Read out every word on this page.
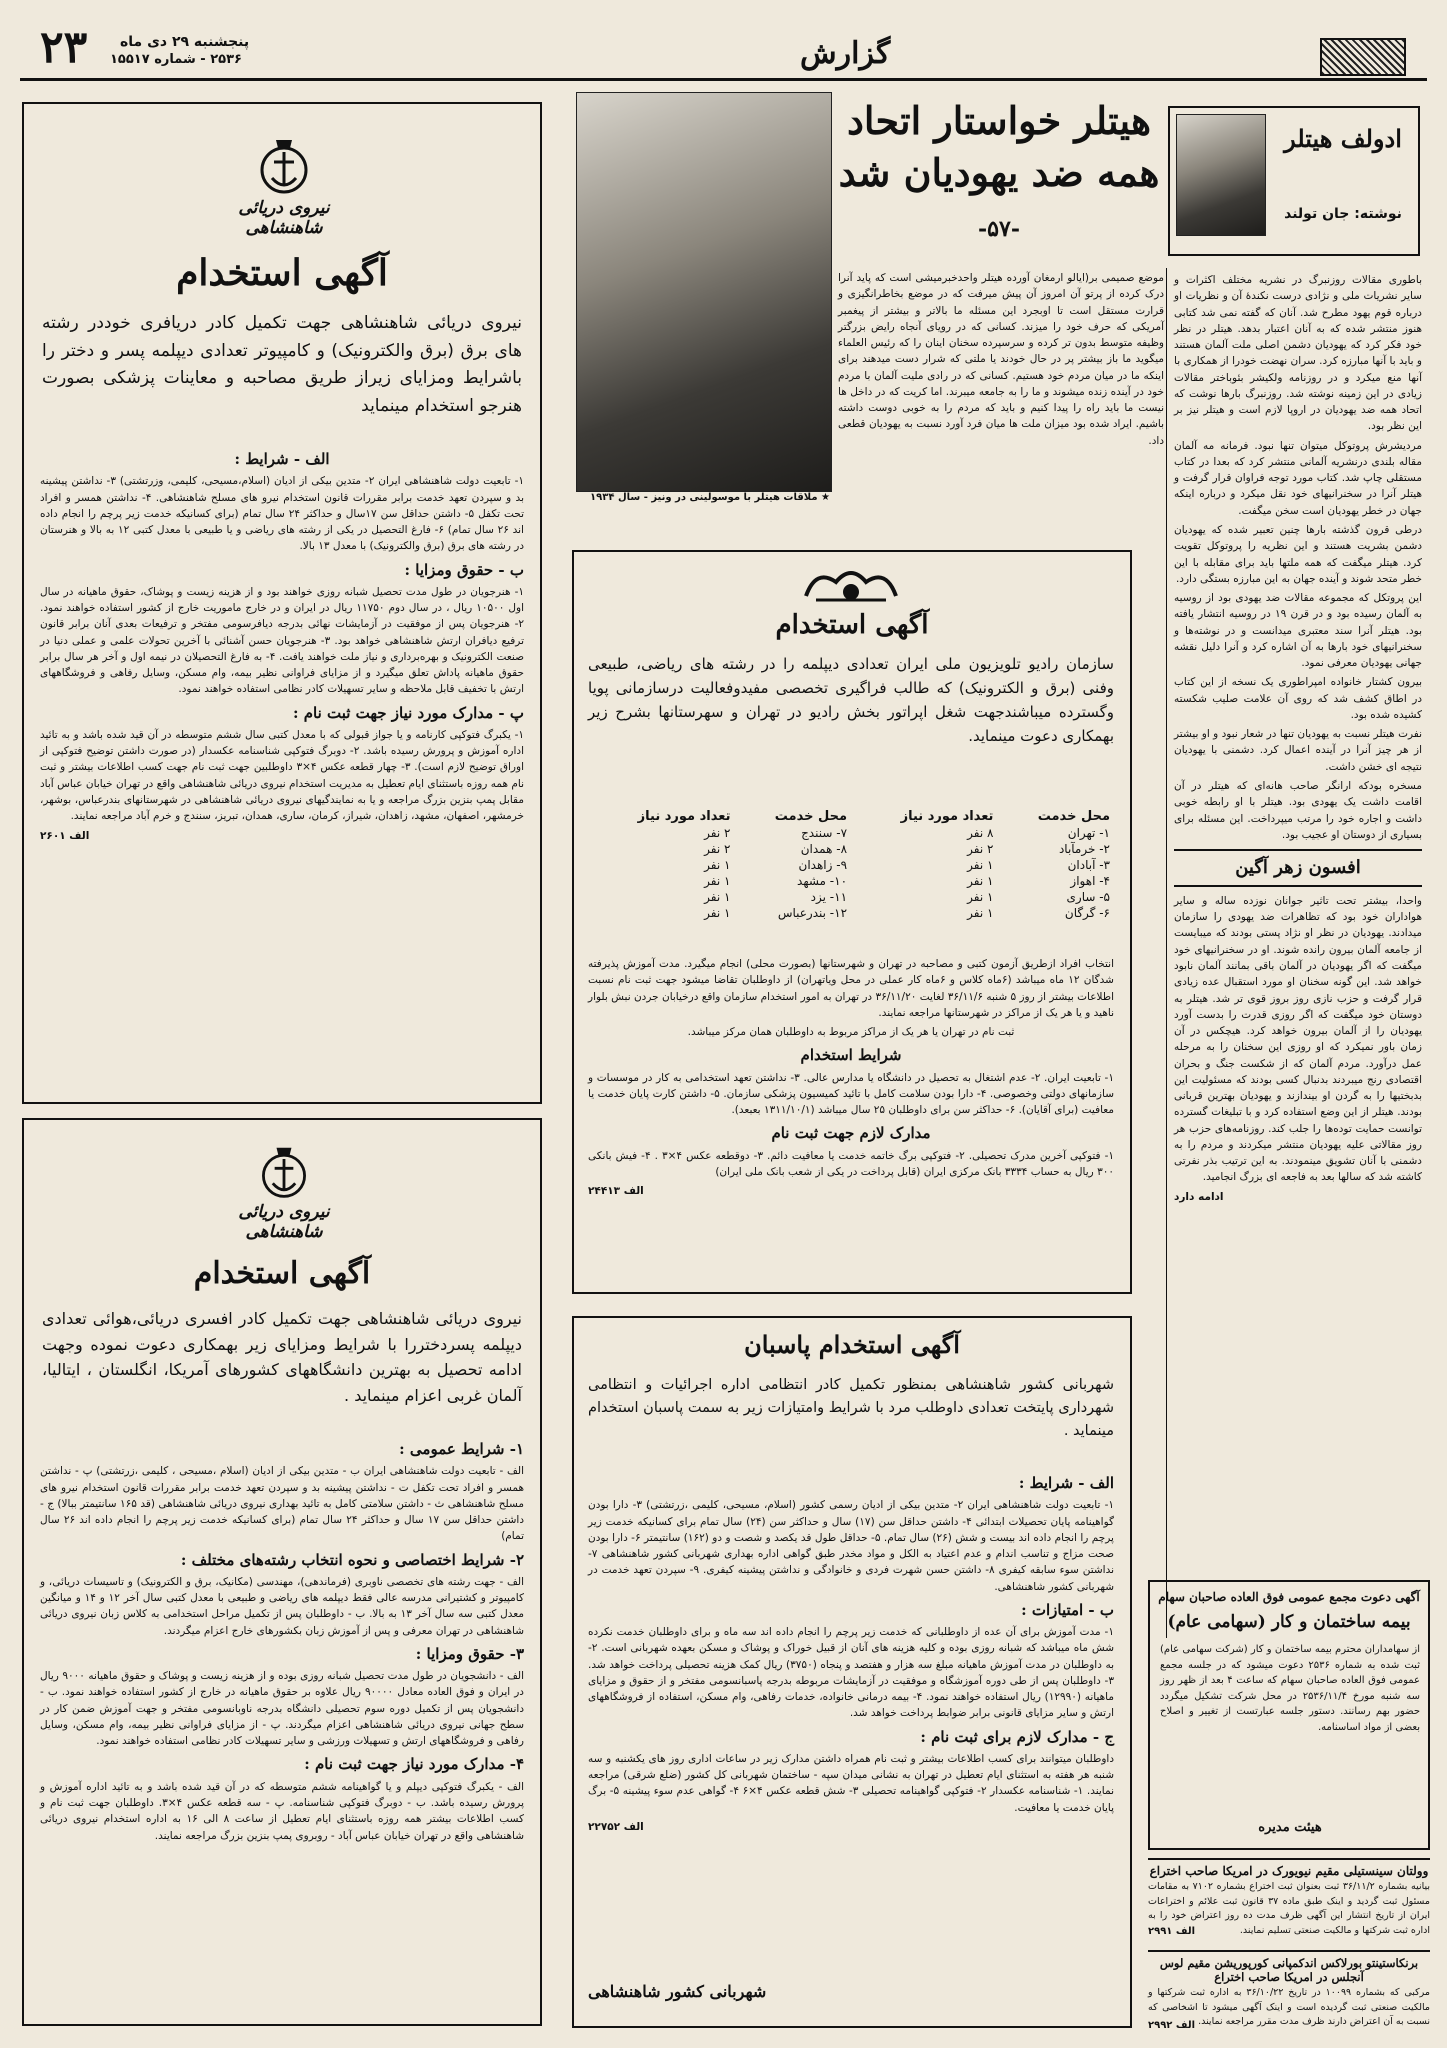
۲۳ پنجشنبه ۲۹ دی ماه
۲۵۳۶ - شماره ۱۵۵۱۷	گزارش
هیتلر خواستار اتحاد
همه ضد یهودیان شد
-۵۷-
ادولف هیتلر
نوشته: جان تولند
★ ملاقات هیتلر با موسولینی در ونیز - سال ۱۹۳۴
موضع صمیمی بر(ایالو ارمغان آورده هیتلر واحدخبرمیشی است که پاید آنرا درک کرده از پرتو آن امروز آن پیش میرفت که در موضع بخاطرانگیزی و قرارت مستقل است تا اوبجرد این مسئله ما بالاتر و بیشتر از پیغمبر آمریکی که حرف خود را میزند. کسانی که در رویای آنجاه رایض بزرگتر وظیفه متوسط بدون تر کرده و سرسپرده سخنان اینان را که رئیس العلماء میگوید ما باز بیشتر پر در حال خودند یا ملتی که شرار دست میدهند برای اینکه ما در میان مردم خود هستیم. کسانی که در رادی ملیت آلمان با مردم خود در آینده زنده میشوند و ما را به جامعه میبرند. اما کریت که در داخل ها نیست ما باید راه را پیدا کنیم و باید که مردم را به خوبی دوست داشته باشیم. ایراد شده بود میزان ملت ها میان فرد آورد نسبت به یهودیان قطعی داد.

باطوری مقالات روزنبرگ در نشریه مختلف اکثرات و سایر نشریات ملی و نژادی درست نکندهٔ آن و نظریات او درباره قوم یهود مطرح شد. آنان که گفته نمی شد کتابی هنوز منتشر شده که به آنان اعتبار بدهد. هیتلر در نظر خود فکر کرد که یهودیان دشمن اصلی ملت آلمان هستند و باید با آنها مبارزه کرد. سران نهضت خودرا از همکاری با آنها منع میکرد و در روزنامه ولکیشر بئوباختر مقالات زیادی در این زمینه نوشته شد. روزنبرگ بارها نوشت که اتحاد همه ضد یهودیان در اروپا لازم است و هیتلر نیز بر این نظر بود.

مردیشرش پروتوکل میتوان تنها نبود. فرمانه مه آلمان مقاله بلندی درنشریه آلمانی منتشر کرد که بعدا در کتاب مستقلی چاپ شد. کتاب مورد توجه فراوان قرار گرفت و هیتلر آنرا در سخنرانیهای خود نقل میکرد و درباره اینکه جهان در خطر یهودیان است سخن میگفت.

درطی قرون گذشته بارها چنین تعبیر شده که یهودیان دشمن بشریت هستند و این نظریه را پروتوکل تقویت کرد. هیتلر میگفت که همه ملتها باید برای مقابله با این خطر متحد شوند و آینده جهان به این مبارزه بستگی دارد.

این پروتکل که مجموعه مقالات ضد یهودی بود از روسیه به آلمان رسیده بود و در قرن ۱۹ در روسیه انتشار یافته بود. هیتلر آنرا سند معتبری میدانست و در نوشته‌ها و سخنرانیهای خود بارها به آن اشاره کرد و آنرا دلیل نقشه جهانی یهودیان معرفی نمود.

بیرون کشتار خانواده امپراطوری یک نسخه از این کتاب در اطاق کشف شد که روی آن علامت صلیب شکسته کشیده شده بود.

نفرت هیتلر نسبت به یهودیان تنها در شعار نبود و او بیشتر از هر چیز آنرا در آینده اعمال کرد. دشمنی با یهودیان نتیجه ای خشن داشت.

مسخره بودکه ارانگر صاحب هانه‌ای که هیتلر در آن اقامت داشت یک یهودی بود. هیتلر با او رابطه خوبی داشت و اجاره خود را مرتب میپرداخت. این مسئله برای بسیاری از دوستان او عجیب بود.

افسون زهر آگین

واحدا، بیشتر تحت تاثیر جوانان نوزده ساله و سایر هواداران خود بود که تظاهرات ضد یهودی را سازمان میدادند. یهودیان در نظر او نژاد پستی بودند که میبایست از جامعه آلمان بیرون رانده شوند. او در سخنرانیهای خود میگفت که اگر یهودیان در آلمان باقی بمانند آلمان نابود خواهد شد. این گونه سخنان او مورد استقبال عده زیادی قرار گرفت و حزب نازی روز بروز قوی تر شد. هیتلر به دوستان خود میگفت که اگر روزی قدرت را بدست آورد یهودیان را از آلمان بیرون خواهد کرد. هیچکس در آن زمان باور نمیکرد که او روزی این سخنان را به مرحله عمل درآورد. مردم آلمان که از شکست جنگ و بحران اقتصادی رنج میبردند بدنبال کسی بودند که مسئولیت این بدبختیها را به گردن او بیندازند و یهودیان بهترین قربانی بودند. هیتلر از این وضع استفاده کرد و با تبلیغات گسترده توانست حمایت توده‌ها را جلب کند. روزنامه‌های حزب هر روز مقالاتی علیه یهودیان منتشر میکردند و مردم را به دشمنی با آنان تشویق مینمودند. به این ترتیب بذر نفرتی کاشته شد که سالها بعد به فاجعه ای بزرگ انجامید.

ادامه دارد

نیروی دریائی شاهنشاهی
آگهی استخدام
نیروی دریائی شاهنشاهی جهت تکمیل کادر دریافری خوددر رشته های برق (برق والکترونیک) و کامپیوتر تعدادی دیپلمه پسر و دختر را باشرایط ومزایای زیراز طریق مصاحبه و معاینات پزشکی بصورت هنرجو استخدام مینماید
الف - شرایط :

۱- تابعیت دولت شاهنشاهی ایران ۲- متدین بیکی از ادیان (اسلام،مسیحی، کلیمی، وزرتشتی) ۳- نداشتن پیشینه بد و سپردن تعهد خدمت برابر مقررات قانون استخدام نیرو های مسلح شاهنشاهی. ۴- نداشتن همسر و افراد تحت تکفل ۵- داشتن حداقل سن ۱۷سال و حداکثر ۲۴ سال تمام (برای کسانیکه خدمت زیر پرچم را انجام داده اند ۲۶ سال تمام) ۶- فارغ التحصیل در یکی از رشته های ریاضی و یا طبیعی با معدل کتبی ۱۲ به بالا و هنرستان در رشته های برق (برق والکترونیک) با معدل ۱۳ بالا.

ب - حقوق ومزایا :

۱- هنرجویان در طول مدت تحصیل شبانه روزی خواهند بود و از هزینه زیست و پوشاک، حقوق ماهیانه در سال اول ۱۰۵۰۰ ریال ، در سال دوم ۱۱۷۵۰ ریال در ایران و در خارج ماموریت خارج از کشور استفاده خواهند نمود. ۲- هنرجویان پس از موفقیت در آزمایشات نهائی بدرجه دیافرسومی مفتخر و ترفیعات بعدی آنان برابر قانون ترفیع دیافران ارتش شاهنشاهی خواهد بود. ۳- هنرجویان حسن آشنائی با آخرین تحولات علمی و عملی دنیا در صنعت الکترونیک و بهره‌برداری و نیاز ملت خواهند یافت. ۴- به فارغ التحصیلان در نیمه اول و آخر هر سال برابر حقوق ماهیانه پاداش تعلق میگیرد و از مزایای فراوانی نظیر بیمه، وام مسکن، وسایل رفاهی و فروشگاههای ارتش با تخفیف قابل ملاحظه و سایر تسهیلات کادر نظامی استفاده خواهند نمود.

پ - مدارک مورد نیاز جهت ثبت نام :

۱- یکبرگ فتوکپی کارنامه و یا جواز قبولی که با معدل کتبی سال ششم متوسطه در آن قید شده باشد و به تائید اداره آموزش و پرورش رسیده باشد. ۲- دوبرگ فتوکپی شناسنامه عکسدار (در صورت داشتن توضیح فتوکپی از اوراق توضیح لازم است). ۳- چهار قطعه عکس ۴×۳ داوطلبین جهت ثبت نام جهت کسب اطلاعات بیشتر و ثبت نام همه روزه باستثنای ایام تعطیل به مدیریت استخدام نیروی دریائی شاهنشاهی واقع در تهران خیابان عباس آباد مقابل پمپ بنزین بزرگ مراجعه و یا به نمایندگیهای نیروی دریائی شاهنشاهی در شهرستانهای بندرعباس، بوشهر، خرمشهر، اصفهان، مشهد، زاهدان، شیراز، کرمان، ساری، همدان، تبریز، سنندج و خرم آباد مراجعه نمایند.

الف ۲۶۰۱

نیروی دریائی شاهنشاهی
آگهی استخدام
نیروی دریائی شاهنشاهی جهت تکمیل کادر افسری دریائی،هوائی تعدادی دیپلمه پسردختررا با شرایط ومزایای زیر بهمکاری دعوت نموده وجهت ادامه تحصیل به بهترین دانشگاههای کشورهای آمریکا، انگلستان ، ایتالیا، آلمان غربی اعزام مینماید .
۱- شرایط عمومی :

الف - تابعیت دولت شاهنشاهی ایران ب - متدین بیکی از ادیان (اسلام ،مسیحی ، کلیمی ،زرتشتی) پ - نداشتن همسر و افراد تحت تکفل ت - نداشتن پیشینه بد و سپردن تعهد خدمت برابر مقررات قانون استخدام نیرو های مسلح شاهنشاهی ث - داشتن سلامتی کامل به تائید بهداری نیروی دریائی شاهنشاهی (قد ۱۶۵ سانتیمتر ببالا) ج - داشتن حداقل سن ۱۷ سال و حداکثر ۲۴ سال تمام (برای کسانیکه خدمت زیر پرچم را انجام داده اند ۲۶ سال تمام)

۲- شرایط اختصاصی و نحوه انتخاب رشته‌های مختلف :

الف - جهت رشته های تخصصی ناوبری (فرماندهی)، مهندسی (مکانیک، برق و الکترونیک) و تاسیسات دریائی، و کامپیوتر و کشتیرانی مدرسه عالی فقط دیپلمه های ریاضی و طبیعی با معدل کتبی سال آخر ۱۲ و ۱۴ و میانگین معدل کتبی سه سال آخر ۱۳ به بالا. ب - داوطلبان پس از تکمیل مراحل استخدامی به کلاس زبان نیروی دریائی شاهنشاهی در تهران معرفی و پس از آموزش زبان بکشورهای خارج اعزام میگردند.

۳- حقوق ومزایا :

الف - دانشجویان در طول مدت تحصیل شبانه روزی بوده و از هزینه زیست و پوشاک و حقوق ماهیانه ۹۰۰۰ ریال در ایران و فوق العاده معادل ۹۰۰۰۰ ریال علاوه بر حقوق ماهیانه در خارج از کشور استفاده خواهند نمود. ب - دانشجویان پس از تکمیل دوره سوم تحصیلی دانشگاه بدرجه ناوبانسومی مفتخر و جهت آموزش ضمن کار در سطح جهانی نیروی دریائی شاهنشاهی اعزام میگردند. پ - از مزایای فراوانی نظیر بیمه، وام مسکن، وسایل رفاهی و فروشگاههای ارتش و تسهیلات ورزشی و سایر تسهیلات کادر نظامی استفاده خواهند نمود.

۴- مدارک مورد نیاز جهت ثبت نام :

الف - یکبرگ فتوکپی دیپلم و یا گواهینامه ششم متوسطه که در آن قید شده باشد و به تائید اداره آموزش و پرورش رسیده باشد. ب - دوبرگ فتوکپی شناسنامه. پ - سه قطعه عکس ۴×۳. داوطلبان جهت ثبت نام و کسب اطلاعات بیشتر همه روزه باستثنای ایام تعطیل از ساعت ۸ الی ۱۶ به اداره استخدام نیروی دریائی شاهنشاهی واقع در تهران خیابان عباس آباد - روبروی پمپ بنزین بزرگ مراجعه نمایند.

آگهی استخدام
سازمان رادیو تلویزیون ملی ایران تعدادی دیپلمه را در رشته های ریاضی، طبیعی وفنی (برق و الکترونیک) که طالب فراگیری تخصصی مفیدوفعالیت درسازمانی پویا وگسترده میباشندجهت شغل اپراتور بخش رادیو در تهران و سهرستانها بشرح زیر بهمکاری دعوت مینماید.
محل خدمت	تعداد مورد نیاز	محل خدمت	تعداد مورد نیاز
۱- تهران	۸ نفر	۷- سنندج	۲ نفر
۲- خرمآباد	۲ نفر	۸- همدان	۲ نفر
۳- آبادان	۱ نفر	۹- زاهدان	۱ نفر
۴- اهواز	۱ نفر	۱۰- مشهد	۱ نفر
۵- ساری	۱ نفر	۱۱- یزد	۱ نفر
۶- گرگان	۱ نفر	۱۲- بندرعباس	۱ نفر

انتخاب افراد ازطریق آزمون کتبی و مصاحبه در تهران و شهرستانها (بصورت محلی) انجام میگیرد. مدت آموزش پذیرفته شدگان ۱۲ ماه میباشد (۶ماه کلاس و ۶ماه کار عملی در محل ویاتهران) از داوطلبان تقاضا میشود جهت ثبت نام نسبت اطلاعات بیشتر از روز ۵ شنبه ۳۶/۱۱/۶ لغایت ۳۶/۱۱/۲۰ در تهران به امور استخدام سازمان واقع درخیابان جردن نبش بلوار ناهید و یا هر یک از مراکز در شهرستانها مراجعه نمایند.

ثبت نام در تهران یا هر یک از مراکز مربوط به داوطلبان همان مرکز میباشد.

شرایط استخدام

۱- تابعیت ایران. ۲- عدم اشتغال به تحصیل در دانشگاه یا مدارس عالی. ۳- نداشتن تعهد استخدامی به کار در موسسات و سازمانهای دولتی وخصوصی. ۴- دارا بودن سلامت کامل با تائید کمیسیون پزشکی سازمان. ۵- داشتن کارت پایان خدمت یا معافیت (برای آقایان). ۶- حداکثر سن برای داوطلبان ۲۵ سال میباشد (۱۳۱۱/۱۰/۱ بعبعد).

مدارک لازم جهت ثبت نام

۱- فتوکپی آخرین مدرک تحصیلی. ۲- فتوکپی برگ خاتمه خدمت یا معافیت دائم. ۳- دوقطعه عکس ۴×۳ . ۴- فیش بانکی ۳۰۰ ریال به حساب ۳۳۳۴ بانک مرکزی ایران (قابل پرداخت در یکی از شعب بانک ملی ایران)

الف ۲۴۴۱۳

آگهی استخدام پاسبان
شهربانی کشور شاهنشاهی بمنظور تکمیل کادر انتظامی اداره اجرائیات و انتظامی شهرداری پایتخت تعدادی داوطلب مرد با شرایط وامتیازات زیر به سمت پاسبان استخدام مینماید .
الف - شرایط :

۱- تابعیت دولت شاهنشاهی ایران ۲- متدین بیکی از ادیان رسمی کشور (اسلام، مسیحی، کلیمی ،زرتشتی) ۳- دارا بودن گواهینامه پایان تحصیلات ابتدائی ۴- داشتن حداقل سن (۱۷) سال و حداکثر سن (۲۴) سال تمام برای کسانیکه خدمت زیر پرچم را انجام داده اند بیست و شش (۲۶) سال تمام. ۵- حداقل طول قد یکصد و شصت و دو (۱۶۲) سانتیمتر ۶- دارا بودن صحت مزاج و تناسب اندام و عدم اعتیاد به الکل و مواد مخدر طبق گواهی اداره بهداری شهربانی کشور شاهنشاهی ۷- نداشتن سوء سابقه کیفری ۸- داشتن حسن شهرت فردی و خانوادگی و نداشتن پیشینه کیفری. ۹- سپردن تعهد خدمت در شهربانی کشور شاهنشاهی.

ب - امتیازات :

۱- مدت آموزش برای آن عده از داوطلبانی که خدمت زیر پرچم را انجام داده اند سه ماه و برای داوطلبان خدمت نکرده شش ماه میباشد که شبانه روزی بوده و کلیه هزینه های آنان از قبیل خوراک و پوشاک و مسکن بعهده شهربانی است. ۲- به داوطلبان در مدت آموزش ماهیانه مبلغ سه هزار و هفتصد و پنجاه (۳۷۵۰) ریال کمک هزینه تحصیلی پرداخت خواهد شد. ۳- داوطلبان پس از طی دوره آموزشگاه و موفقیت در آزمایشات مربوطه بدرجه پاسبانسومی مفتخر و از حقوق و مزایای ماهیانه (۱۲۹۹۰) ریال استفاده خواهند نمود. ۴- بیمه درمانی خانواده، خدمات رفاهی، وام مسکن، استفاده از فروشگاههای ارتش و سایر مزایای قانونی برابر ضوابط پرداخت خواهد شد.

ج - مدارک لازم برای ثبت نام :

داوطلبان میتوانند برای کسب اطلاعات بیشتر و ثبت نام همراه داشتن مدارک زیر در ساعات اداری روز های یکشنبه و سه شنبه هر هفته به استثنای ایام تعطیل در تهران به نشانی میدان سپه - ساختمان شهربانی کل کشور (ضلع شرقی) مراجعه نمایند. ۱- شناسنامه عکسدار ۲- فتوکپی گواهینامه تحصیلی ۳- شش قطعه عکس ۴×۶ ۴- گواهی عدم سوء پیشینه ۵- برگ پایان خدمت یا معافیت.

الف ۲۲۷۵۲

شهربانی کشور شاهنشاهی
آگهی دعوت مجمع عمومی فوق العاده صاحبان سهام
بیمه ساختمان و کار (سهامی عام)
از سهامداران محترم بیمه ساختمان و کار (شرکت سهامی عام) ثبت شده به شماره ۲۵۳۶ دعوت میشود که در جلسه مجمع عمومی فوق العاده صاحبان سهام که ساعت ۴ بعد از ظهر روز سه شنبه مورخ ۲۵۳۶/۱۱/۴ در محل شرکت تشکیل میگردد حضور بهم رسانند. دستور جلسه عبارتست از تغییر و اصلاح بعضی از مواد اساسنامه.
هیئت مدیره
وولتان سینستیلی مقیم نیویورک در امریکا صاحب اختراع
بیانیه بشماره ۳۶/۱۱/۲ ثبت بعنوان ثبت اختراع بشماره ۷۱۰۲ به مقامات مسئول ثبت گردید و اینک طبق ماده ۳۷ قانون ثبت علائم و اختراعات ایران از تاریخ انتشار این آگهی ظرف مدت ده روز اعتراض خود را به اداره ثبت شرکتها و مالکیت صنعتی تسلیم نمایند.
الف ۲۹۹۱
برنکاستینتو بورلاکس اندکمپانی کورپوریشن مقیم لوس آنجلس در امریکا صاحب اختراع
مرکبی که بشماره ۱۰۰۹۹ در تاریخ ۳۶/۱۰/۲۲ به اداره ثبت شرکتها و مالکیت صنعتی ثبت گردیده است و اینک آگهی میشود تا اشخاصی که نسبت به آن اعتراض دارند ظرف مدت مقرر مراجعه نمایند.
الف ۲۹۹۲
